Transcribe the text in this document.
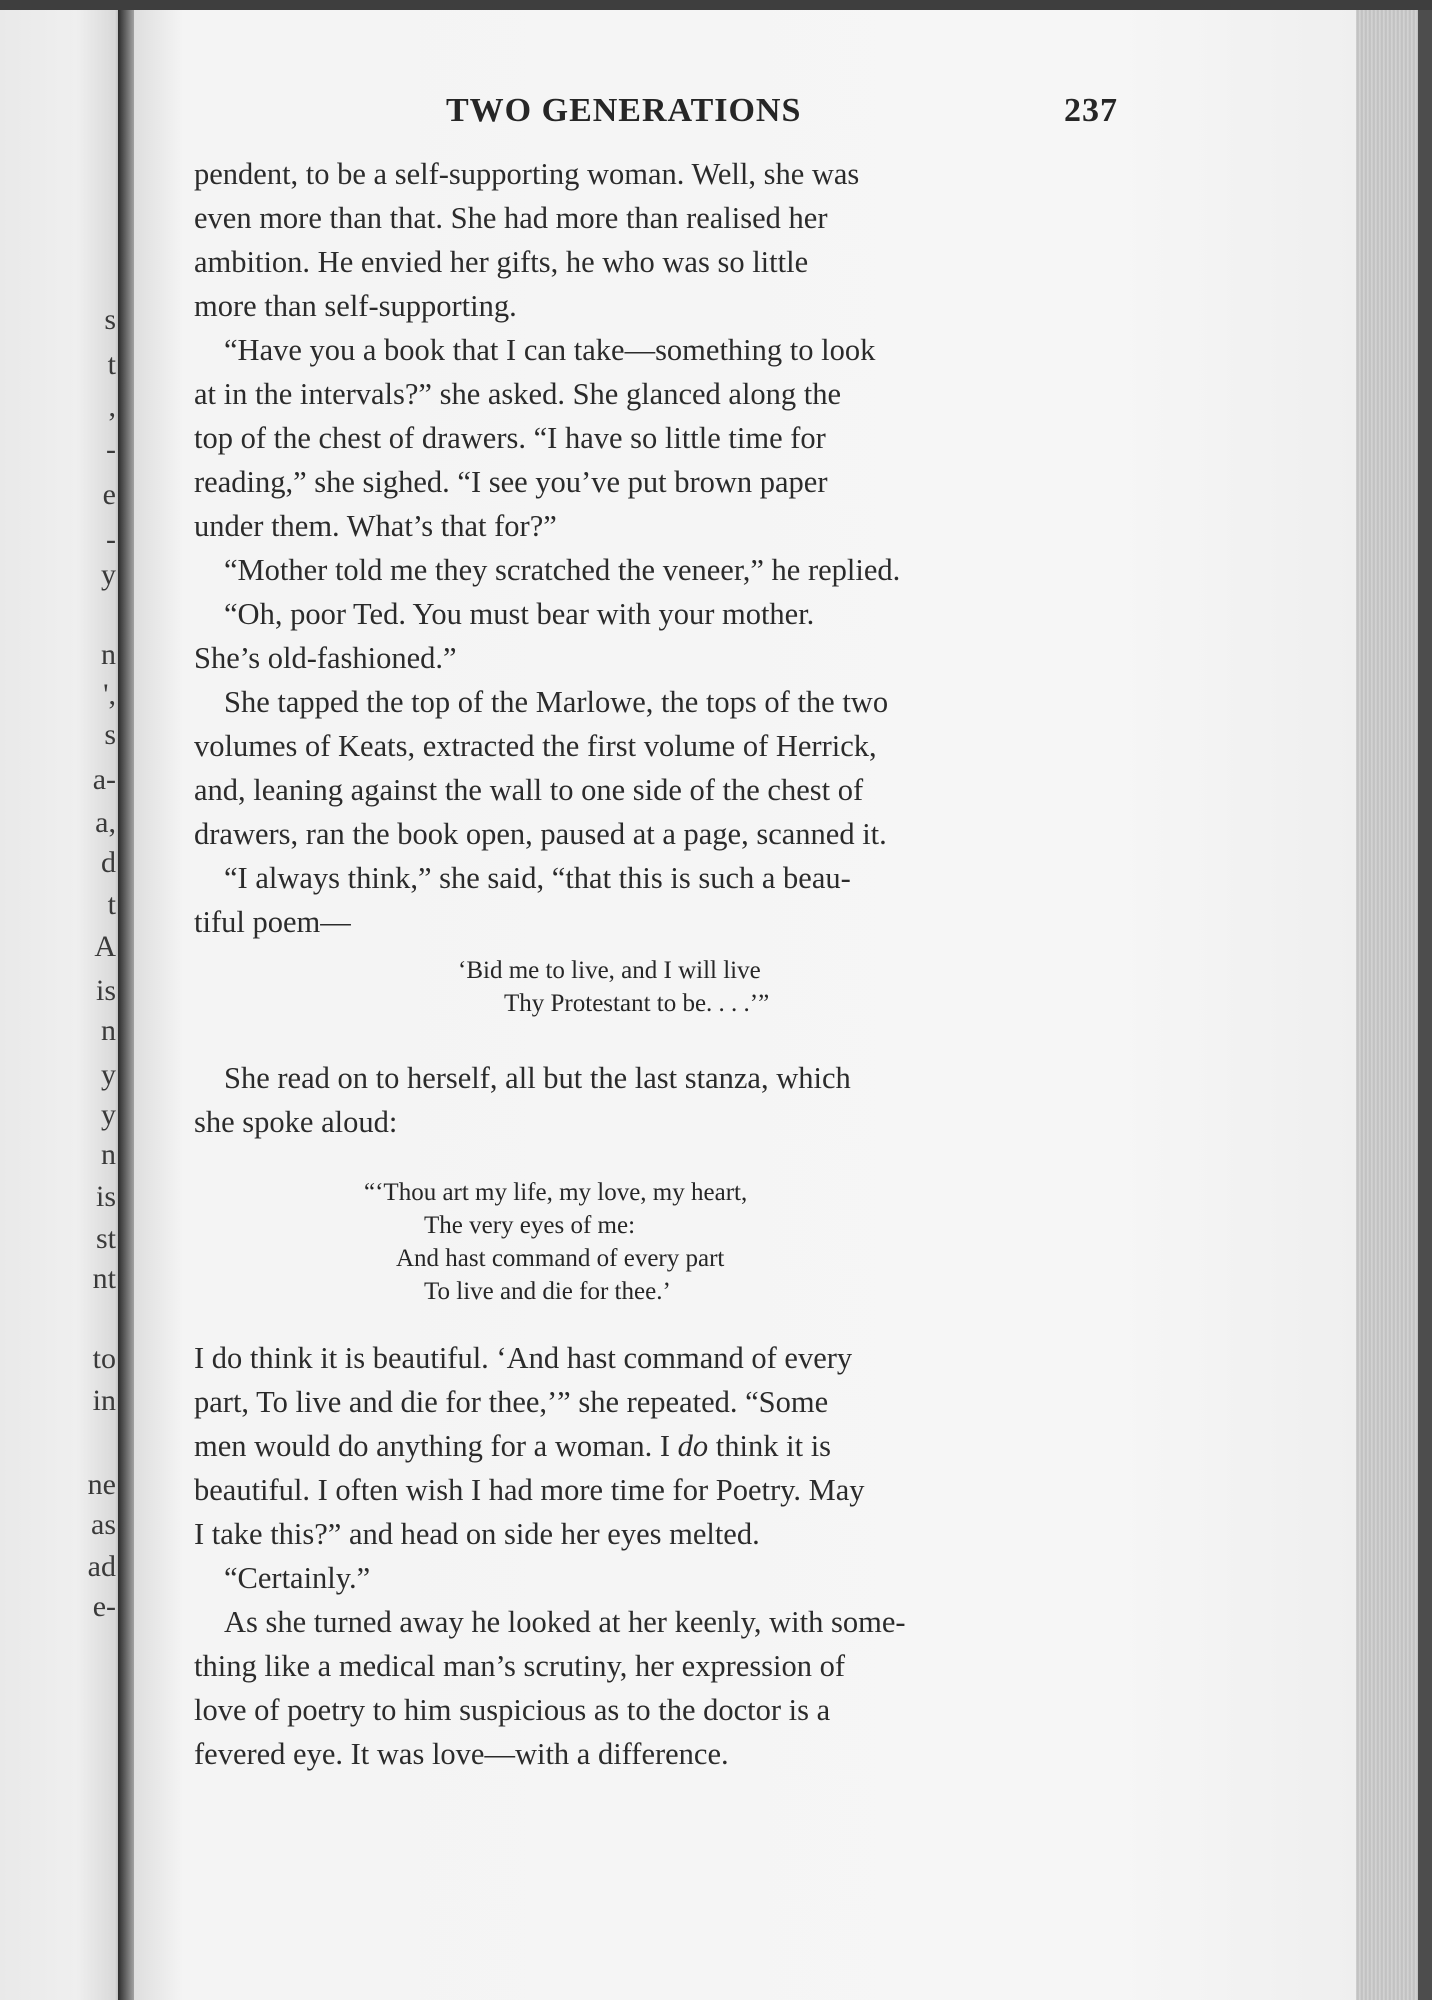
s
t
,
-
e
-
y
n
',
s
a-
a,
d
t
A
is
n
y
y
n
is
st
nt
to
in
ne
as
ad
e-
TWO GENERATIONS	237
pendent, to be a self-supporting woman. Well, she was
even more than that. She had more than realised her
ambition. He envied her gifts, he who was so little
more than self-supporting.
“Have you a book that I can take—something to look
at in the intervals?” she asked. She glanced along the
top of the chest of drawers. “I have so little time for
reading,” she sighed. “I see you’ve put brown paper
under them. What’s that for?”
“Mother told me they scratched the veneer,” he replied.
“Oh, poor Ted. You must bear with your mother.
She’s old-fashioned.”
She tapped the top of the Marlowe, the tops of the two
volumes of Keats, extracted the first volume of Herrick,
and, leaning against the wall to one side of the chest of
drawers, ran the book open, paused at a page, scanned it.
“I always think,” she said, “that this is such a beau-
tiful poem—
‘Bid me to live, and I will live
Thy Protestant to be. . . .’”
She read on to herself, all but the last stanza, which
she spoke aloud:
“‘Thou art my life, my love, my heart,
The very eyes of me:
And hast command of every part
To live and die for thee.’
I do think it is beautiful. ‘And hast command of every
part, To live and die for thee,’” she repeated. “Some
men would do anything for a woman. I do think it is
beautiful. I often wish I had more time for Poetry. May
I take this?” and head on side her eyes melted.
“Certainly.”
As she turned away he looked at her keenly, with some-
thing like a medical man’s scrutiny, her expression of
love of poetry to him suspicious as to the doctor is a
fevered eye. It was love—with a difference.
